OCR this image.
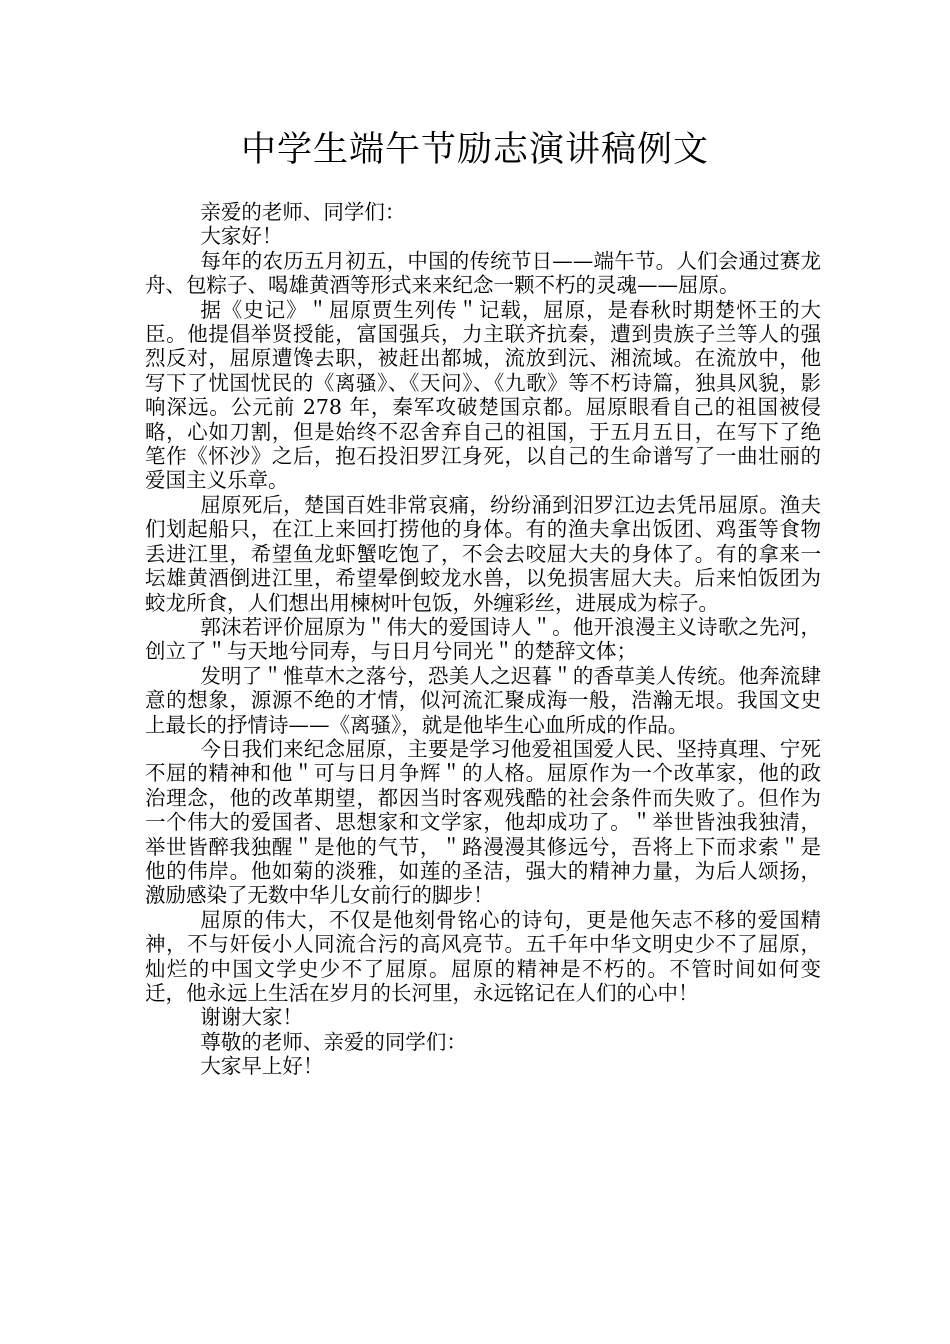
中学生端午节励志演讲稿例文

亲爱的老师、同学们：

大家好！

每年的农历五月初五，中国的传统节日——端午节。人们会通过赛龙舟、包粽子、喝雄黄酒等形式来来纪念一颗不朽的灵魂——屈原。

据《史记》＂屈原贾生列传＂记载，屈原，是春秋时期楚怀王的大臣。他提倡举贤授能，富国强兵，力主联齐抗秦，遭到贵族子兰等人的强烈反对，屈原遭馋去职，被赶出都城，流放到沅、湘流域。在流放中，他写下了忧国忧民的《离骚》、《天问》、《九歌》等不朽诗篇，独具风貌，影响深远。公元前 278 年，秦军攻破楚国京都。屈原眼看自己的祖国被侵略，心如刀割，但是始终不忍舍弃自己的祖国，于五月五日，在写下了绝笔作《怀沙》之后，抱石投汨罗江身死，以自己的生命谱写了一曲壮丽的爱国主义乐章。

屈原死后，楚国百姓非常哀痛，纷纷涌到汨罗江边去凭吊屈原。渔夫们划起船只，在江上来回打捞他的身体。有的渔夫拿出饭团、鸡蛋等食物丢进江里，希望鱼龙虾蟹吃饱了，不会去咬屈大夫的身体了。有的拿来一坛雄黄酒倒进江里，希望晕倒蛟龙水兽，以免损害屈大夫。后来怕饭团为蛟龙所食，人们想出用楝树叶包饭，外缠彩丝，进展成为棕子。

郭沫若评价屈原为＂伟大的爱国诗人＂。他开浪漫主义诗歌之先河，创立了＂与天地兮同寿，与日月兮同光＂的楚辞文体；

发明了＂惟草木之落兮，恐美人之迟暮＂的香草美人传统。他奔流肆意的想象，源源不绝的才情，似河流汇聚成海一般，浩瀚无垠。我国文史上最长的抒情诗——《离骚》，就是他毕生心血所成的作品。

今日我们来纪念屈原，主要是学习他爱祖国爱人民、坚持真理、宁死不屈的精神和他＂可与日月争辉＂的人格。屈原作为一个改革家，他的政治理念，他的改革期望，都因当时客观残酷的社会条件而失败了。但作为一个伟大的爱国者、思想家和文学家，他却成功了。＂举世皆浊我独清，举世皆醉我独醒＂是他的气节，＂路漫漫其修远兮，吾将上下而求索＂是他的伟岸。他如菊的淡雅，如莲的圣洁，强大的精神力量，为后人颂扬，激励感染了无数中华儿女前行的脚步！

屈原的伟大，不仅是他刻骨铭心的诗句，更是他矢志不移的爱国精神，不与奸佞小人同流合污的高风亮节。五千年中华文明史少不了屈原，灿烂的中国文学史少不了屈原。屈原的精神是不朽的。不管时间如何变迁，他永远上生活在岁月的长河里，永远铭记在人们的心中！

谢谢大家！

尊敬的老师、亲爱的同学们：

大家早上好！
